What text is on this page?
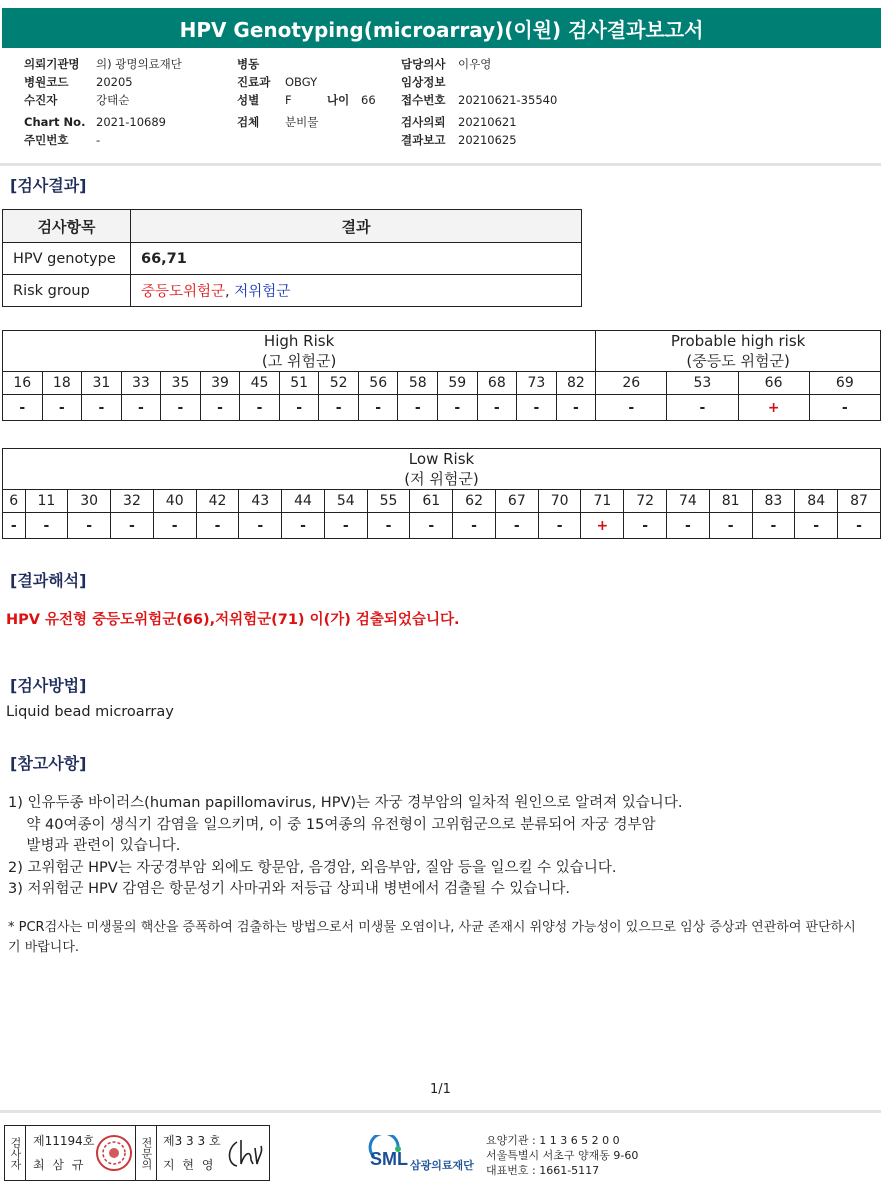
HPV Genotyping(microarray)(이원) 검사결과보고서
의뢰기관명 의) 광명의료재단
병원코드 20205
수진자	강태순
Chart No. 2021-10689
주민번호 -
병동
진료과 OBGY
성별 F	나이 66
검체 분비물
담당의사 이우영
임상정보
접수번호 20210621-35540
검사의뢰 20210621
결과보고 20210625
[검사결과]
검사항목	결과
HPV genotype	66,71
Risk group	중등도위험군, 저위험군
High Risk
(고 위험군)															Probable high risk
(중등도 위험군)			
16	18	31	33	35	39	45	51	52	56	58	59	68	73	82	26	53	66	69
-	-	-	-	-	-	-	-	-	-	-	-	-	-	-	-	-	+	-
Low Risk
(저 위험군)																				
6	11	30	32	40	42	43	44	54	55	61	62	67	70	71	72	74	81	83	84	87
-	-	-	-	-	-	-	-	-	-	-	-	-	-	+	-	-	-	-	-	-
[결과해석]
HPV 유전형 중등도위험군(66),저위험군(71) 이(가) 검출되었습니다.
[검사방법]
Liquid bead microarray
[참고사항]
1) 인유두종 바이러스(human papillomavirus, HPV)는 자궁 경부암의 일차적 원인으로 알려져 있습니다.
약 40여종이 생식기 감염을 일으키며, 이 중 15여종의 유전형이 고위험군으로 분류되어 자궁 경부암
발병과 관련이 있습니다.
2) 고위험군 HPV는 자궁경부암 외에도 항문암, 음경암, 외음부암, 질암 등을 일으킬 수 있습니다.
3) 저위험군 HPV 감염은 항문성기 사마귀와 저등급 상피내 병변에서 검출될 수 있습니다.
* PCR검사는 미생물의 핵산을 증폭하여 검출하는 방법으로서 미생물 오염이나, 사균 존재시 위양성 가능성이 있으므로 임상 증상과 연관하여 판단하시기 바랍니다.
1/1
검사자 제11194호
최 삼 규	전문의 제3 3 3 호
지 현 영	SML 삼광의료재단
요양기관 : 1 1 3 6 5 2 0 0
서울특별시 서초구 양재동 9-60
대표번호 : 1661-5117
